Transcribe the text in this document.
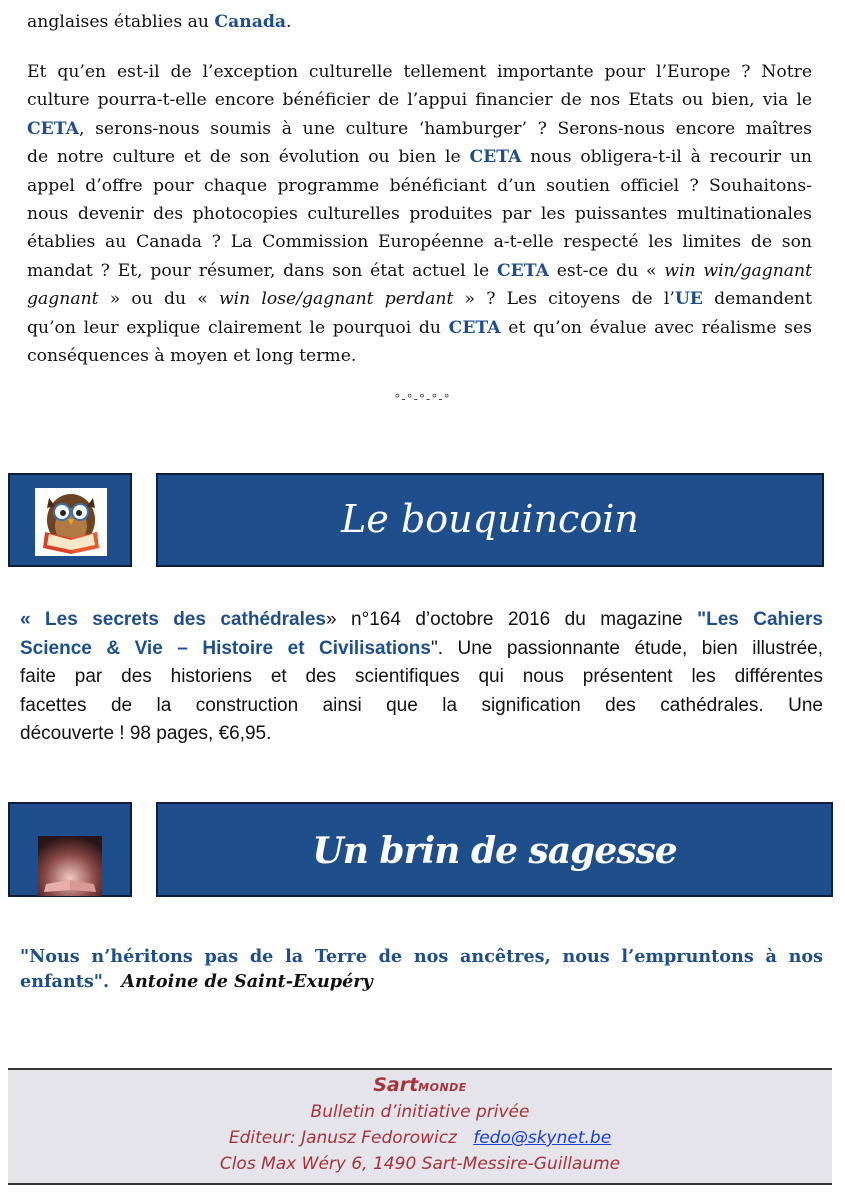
anglaises établies au Canada.
Et qu’en est-il de l’exception culturelle tellement importante pour l’Europe ? Notre
culture pourra-t-elle encore bénéficier de l’appui financier de nos Etats ou bien, via le
CETA, serons-nous soumis à une culture ‘hamburger’ ? Serons-nous encore maîtres
de notre culture et de son évolution ou bien le CETA nous obligera-t-il à recourir un
appel d’offre pour chaque programme bénéficiant d’un soutien officiel ? Souhaitons-
nous devenir des photocopies culturelles produites par les puissantes multinationales
établies au Canada ? La Commission Européenne a-t-elle respecté les limites de son
mandat ? Et, pour résumer, dans son état actuel le CETA est-ce du « win win/gagnant
gagnant » ou du « win lose/gagnant perdant » ? Les citoyens de l’UE demandent
qu’on leur explique clairement le pourquoi du CETA et qu’on évalue avec réalisme ses
conséquences à moyen et long terme.
°-°-°-°-°
Le bouquincoin
« Les secrets des cathédrales» n°164 d’octobre 2016 du magazine "Les Cahiers
Science & Vie – Histoire et Civilisations". Une passionnante étude, bien illustrée,
faite par des historiens et des scientifiques qui nous présentent les différentes
facettes de la construction ainsi que la signification des cathédrales. Une
découverte ! 98 pages, €6,95.
Un brin de sagesse
"Nous n’héritons pas de la Terre de nos ancêtres, nous l’empruntons à nos
enfants". Antoine de Saint-Exupéry
SartMONDE
Bulletin d’initiative privée
Editeur: Janusz Fedorowicz fedo@skynet.be
Clos Max Wéry 6, 1490 Sart-Messire-Guillaume
